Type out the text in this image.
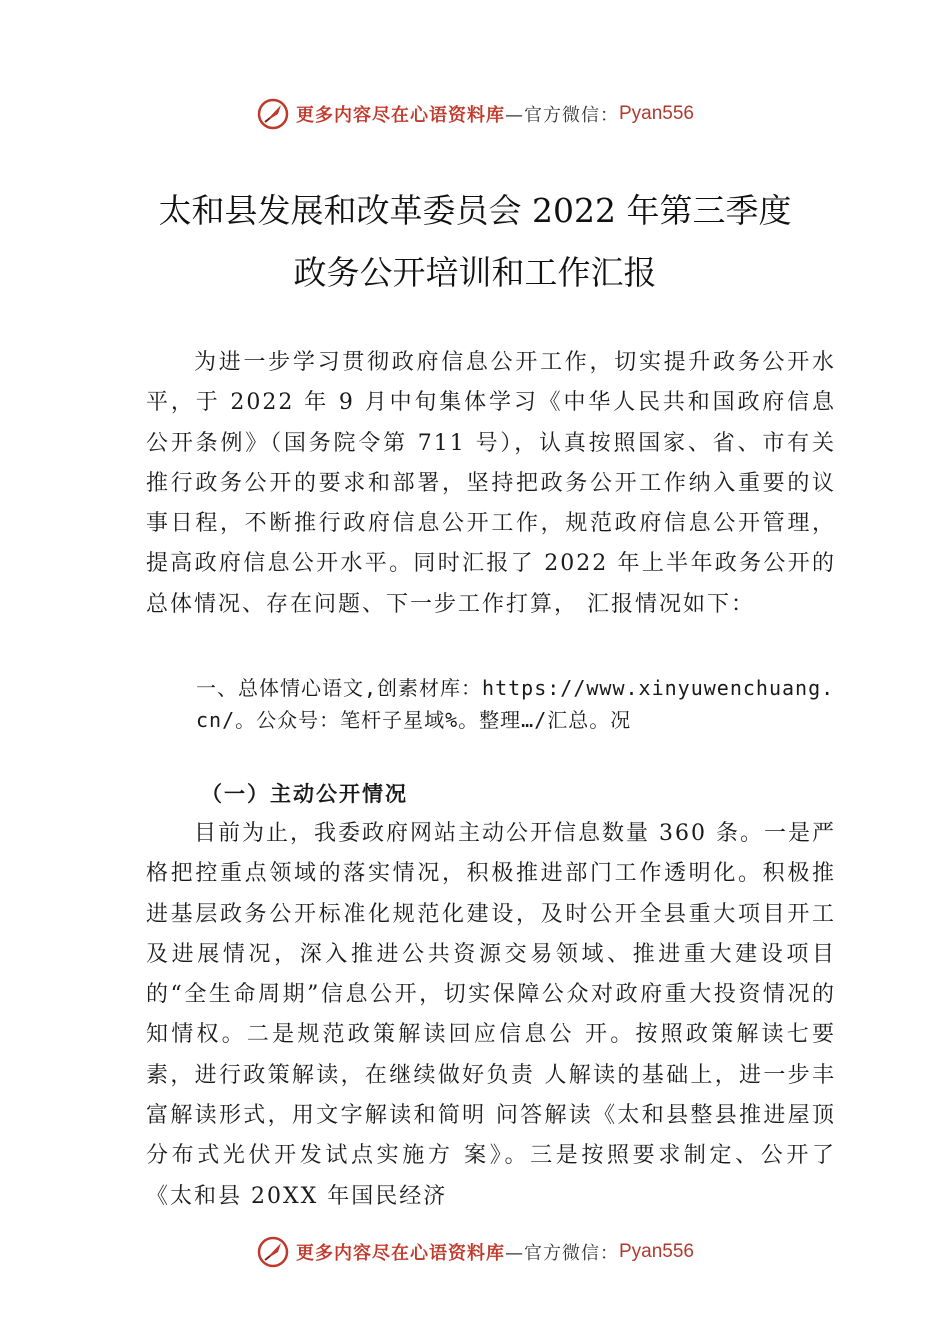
更多内容尽在心语资料库 —官方微信： Pyan556
太和县发展和改革委员会 2022 年第三季度
政务公开培训和工作汇报

为进一步学习贯彻政府信息公开工作，切实提升政务公开水平，于 2022 年 9 月中旬集体学习《中华人民共和国政府信息公开条例》（国务院令第 711 号），认真按照国家、省、市有关推行政务公开的要求和部署，坚持把政务公开工作纳入重要的议事日程，不断推行政府信息公开工作，规范政府信息公开管理，提高政府信息公开水平。同时汇报了 2022 年上半年政务公开的总体情况、存在问题、下一步工作打算， 汇报情况如下：

一、总体情心语文,创素材库：https://www.xinyuwenchuang.cn/。公众号：笔杆子星域%。整理…/汇总。况

（一）主动公开情况

目前为止，我委政府网站主动公开信息数量 360 条。一是严格把控重点领域的落实情况，积极推进部门工作透明化。积极推进基层政务公开标准化规范化建设，及时公开全县重大项目开工及进展情况，深入推进公共资源交易领域、推进重大建设项目的“全生命周期”信息公开，切实保障公众对政府重大投资情况的知情权。二是规范政策解读回应信息公 开。按照政策解读七要素，进行政策解读，在继续做好负责 人解读的基础上，进一步丰富解读形式，用文字解读和简明 问答解读《太和县整县推进屋顶分布式光伏开发试点实施方 案》。三是按照要求制定、公开了《太和县 20XX 年国民经济

更多内容尽在心语资料库 —官方微信： Pyan556
